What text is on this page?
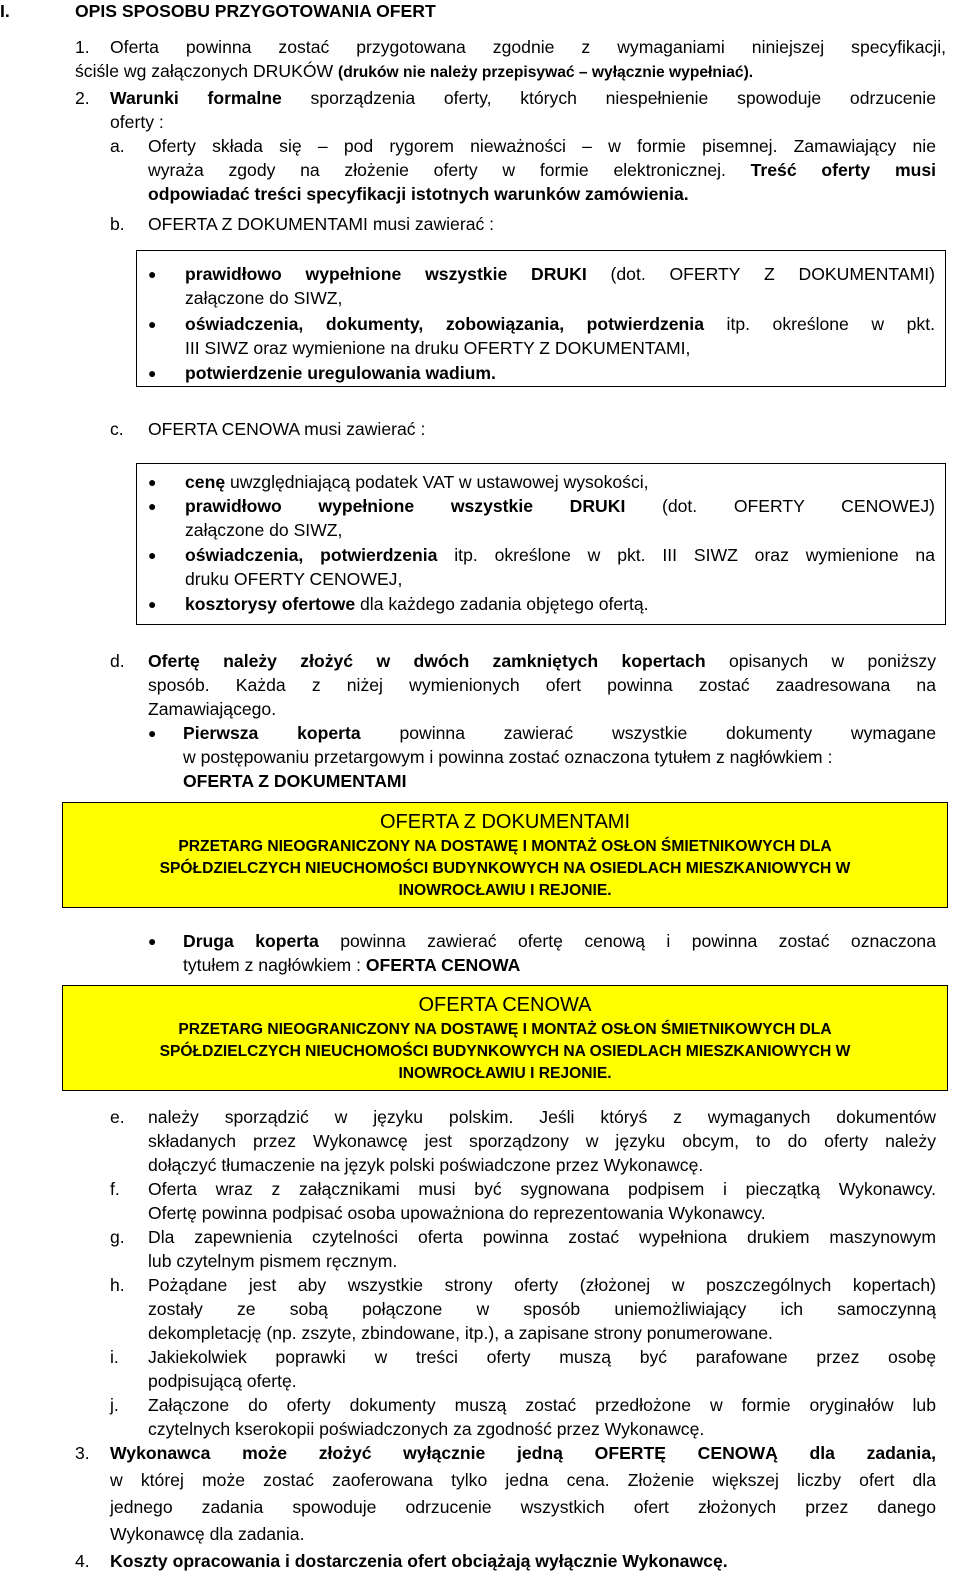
I.	OPIS SPOSOBU PRZYGOTOWANIA OFERT
1. Oferta powinna zostać przygotowana zgodnie z wymaganiami niniejszej specyfikacji,
ściśle wg załączonych DRUKÓW (druków nie należy przepisywać – wyłącznie wypełniać).
2. Warunki formalne sporządzenia oferty, których niespełnienie spowoduje odrzucenie
oferty :
a. Oferty składa się – pod rygorem nieważności – w formie pisemnej. Zamawiający nie
wyraża zgody na złożenie oferty w formie elektronicznej. Treść oferty musi
odpowiadać treści specyfikacji istotnych warunków zamówienia.
b. OFERTA Z DOKUMENTAMI musi zawierać :
● prawidłowo wypełnione wszystkie DRUKI (dot. OFERTY Z DOKUMENTAMI)
załączone do SIWZ,
● oświadczenia, dokumenty, zobowiązania, potwierdzenia itp. określone w pkt.
III SIWZ oraz wymienione na druku OFERTY Z DOKUMENTAMI,
● potwierdzenie uregulowania wadium.
c. OFERTA CENOWA musi zawierać :
● cenę uwzględniającą podatek VAT w ustawowej wysokości,
● prawidłowo wypełnione wszystkie DRUKI (dot. OFERTY CENOWEJ)
załączone do SIWZ,
● oświadczenia, potwierdzenia itp. określone w pkt. III SIWZ oraz wymienione na
druku OFERTY CENOWEJ,
● kosztorysy ofertowe dla każdego zadania objętego ofertą.
d. Ofertę należy złożyć w dwóch zamkniętych kopertach opisanych w poniższy
sposób. Każda z niżej wymienionych ofert powinna zostać zaadresowana na
Zamawiającego.
● Pierwsza koperta powinna zawierać wszystkie dokumenty wymagane
w postępowaniu przetargowym i powinna zostać oznaczona tytułem z nagłówkiem :
OFERTA Z DOKUMENTAMI
OFERTA Z DOKUMENTAMI
PRZETARG NIEOGRANICZONY NA DOSTAWĘ I MONTAŻ OSŁON ŚMIETNIKOWYCH DLA
SPÓŁDZIELCZYCH NIEUCHOMOŚCI BUDYNKOWYCH NA OSIEDLACH MIESZKANIOWYCH W
INOWROCŁAWIU I REJONIE.
● Druga koperta powinna zawierać ofertę cenową i powinna zostać oznaczona
tytułem z nagłówkiem : OFERTA CENOWA
OFERTA CENOWA
PRZETARG NIEOGRANICZONY NA DOSTAWĘ I MONTAŻ OSŁON ŚMIETNIKOWYCH DLA
SPÓŁDZIELCZYCH NIEUCHOMOŚCI BUDYNKOWYCH NA OSIEDLACH MIESZKANIOWYCH W
INOWROCŁAWIU I REJONIE.
e. należy sporządzić w języku polskim. Jeśli któryś z wymaganych dokumentów
składanych przez Wykonawcę jest sporządzony w języku obcym, to do oferty należy
dołączyć tłumaczenie na język polski poświadczone przez Wykonawcę.
f. Oferta wraz z załącznikami musi być sygnowana podpisem i pieczątką Wykonawcy.
Ofertę powinna podpisać osoba upoważniona do reprezentowania Wykonawcy.
g. Dla zapewnienia czytelności oferta powinna zostać wypełniona drukiem maszynowym
lub czytelnym pismem ręcznym.
h. Pożądane jest aby wszystkie strony oferty (złożonej w poszczególnych kopertach)
zostały ze sobą połączone w sposób uniemożliwiający ich samoczynną
dekompletację (np. zszyte, zbindowane, itp.), a zapisane strony ponumerowane.
i. Jakiekolwiek poprawki w treści oferty muszą być parafowane przez osobę
podpisującą ofertę.
j. Załączone do oferty dokumenty muszą zostać przedłożone w formie oryginałów lub
czytelnych kserokopii poświadczonych za zgodność przez Wykonawcę.
3. Wykonawca może złożyć wyłącznie jedną OFERTĘ CENOWĄ dla zadania,
w której może zostać zaoferowana tylko jedna cena. Złożenie większej liczby ofert dla
jednego zadania spowoduje odrzucenie wszystkich ofert złożonych przez danego
Wykonawcę dla zadania.
4. Koszty opracowania i dostarczenia ofert obciążają wyłącznie Wykonawcę.
